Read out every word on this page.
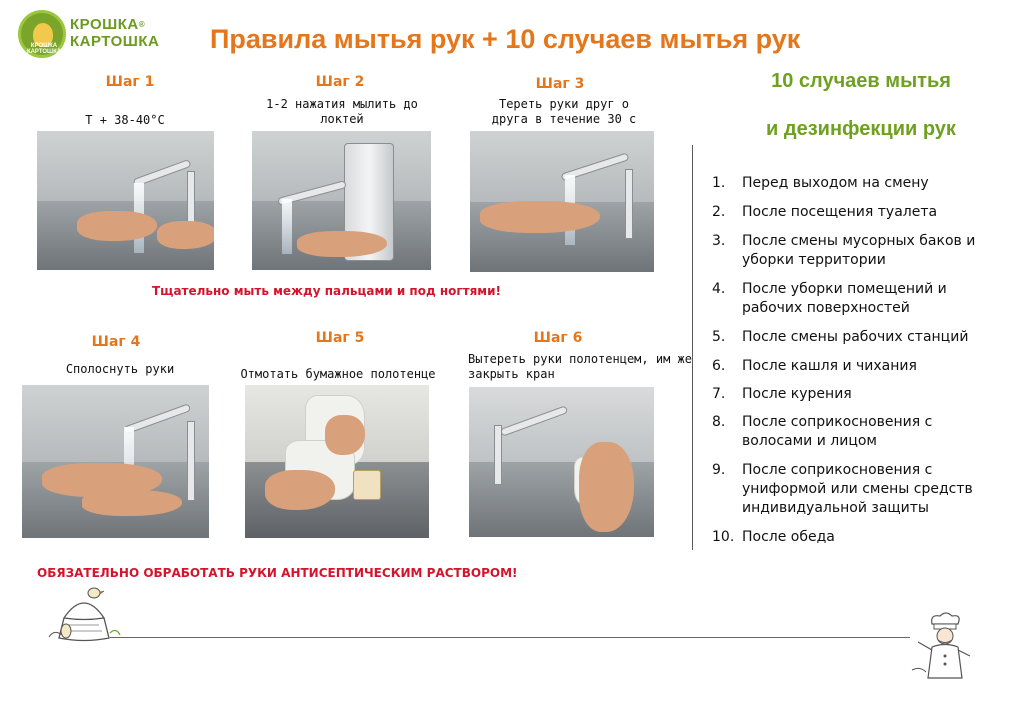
КРОШКА КАРТОШКА
КРОШКА®
КАРТОШКА Правила мытья рук + 10 случаев мытья рук
Шаг 1	Шаг 2	Шаг 3
Т + 38-40°С
1-2 нажатия мылить до локтей
Тереть руки друг о друга в течение 30 с
Тщательно мыть между пальцами и под ногтями!
Шаг 4	Шаг 5	Шаг 6
Сполоснуть руки	Отмотать бумажное полотенце
Вытереть руки полотенцем, им же закрыть кран
ОБЯЗАТЕЛЬНО ОБРАБОТАТЬ РУКИ АНТИСЕПТИЧЕСКИМ РАСТВОРОМ!
10 случаев мытья
и дезинфекции рук
1.	Перед выходом на смену
2.	После посещения туалета
3.	После смены мусорных баков и уборки территории
4.	После уборки помещений и рабочих поверхностей
5.	После смены рабочих станций
6.	После кашля и чихания
7.	После курения
8.	После соприкосновения с волосами и лицом
9.	После соприкосновения с униформой или смены средств индивидуальной защиты
10. После обеда
